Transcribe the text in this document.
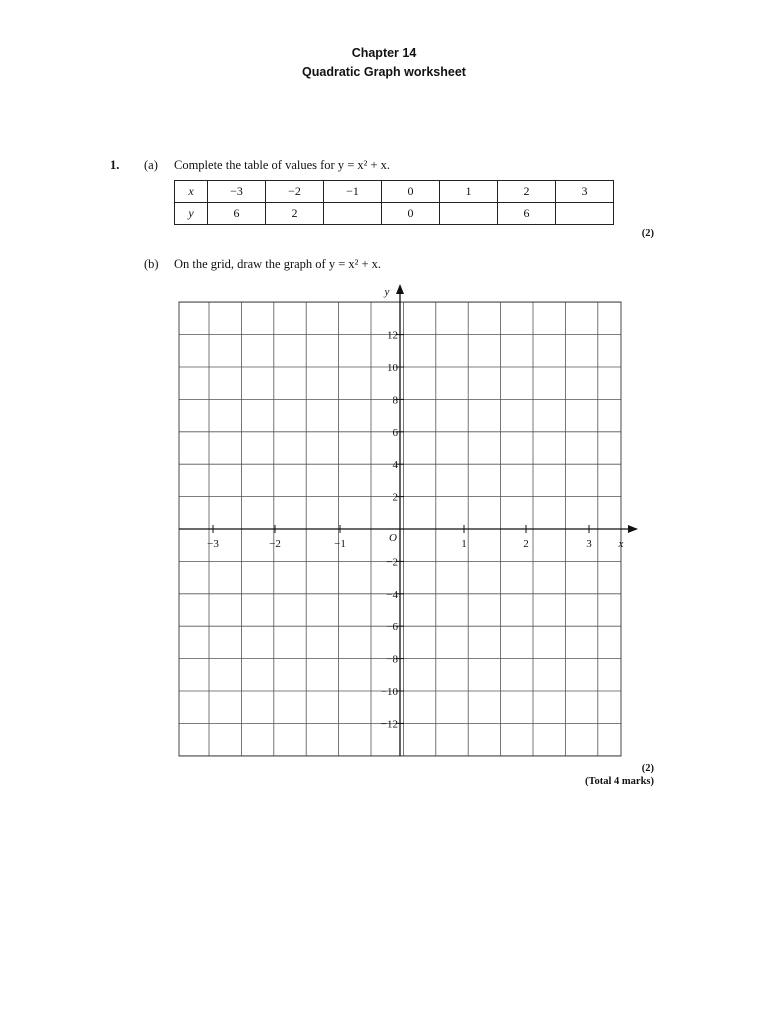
Chapter 14
Quadratic Graph worksheet
1. (a) Complete the table of values for y = x² + x.
x	−3	−2	−1	0	1	2	3
y	6	2		0		6	
(2)
(b) On the grid, draw the graph of y = x² + x.
−3	−2	−1	1	2	3
12
10
8
6
4
2
−2
−4
−6
−8
−10
−12
x
y
O
(2)
(Total 4 marks)
